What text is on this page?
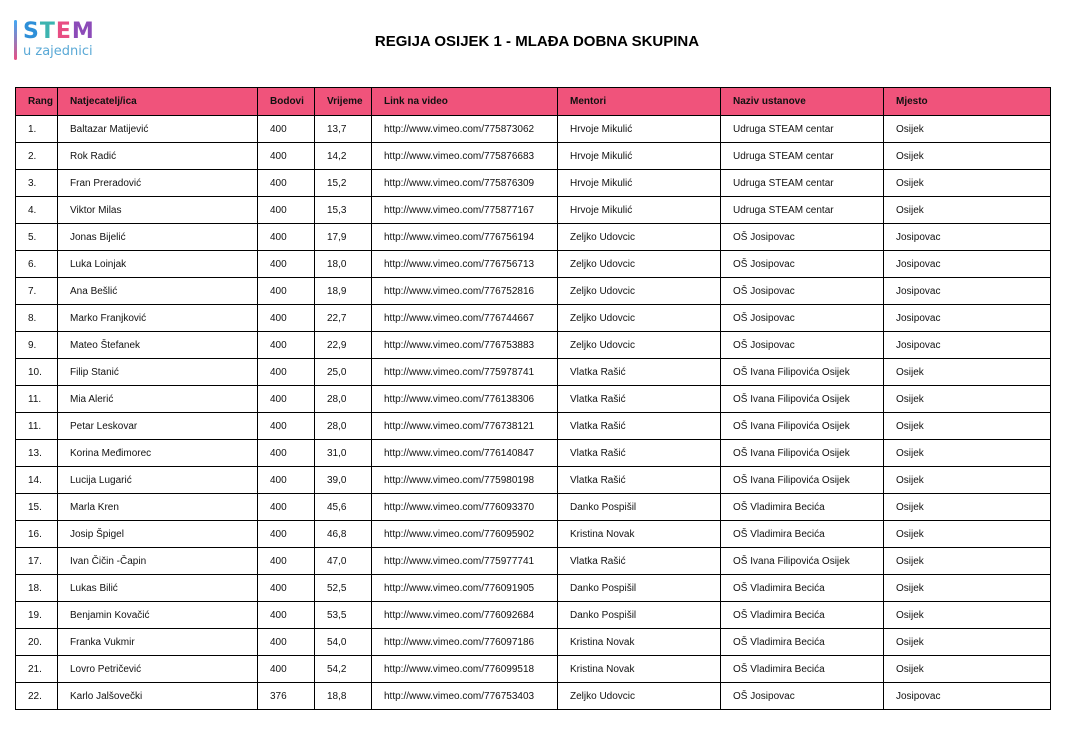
STEM
u zajednici
REGIJA OSIJEK 1 - MLAĐA DOBNA SKUPINA
Rang	Natjecatelj/ica	Bodovi	Vrijeme	Link na video	Mentori	Naziv ustanove	Mjesto
1.	Baltazar Matijević	400	13,7	http://www.vimeo.com/775873062	Hrvoje Mikulić	Udruga STEAM centar	Osijek
2.	Rok Radić	400	14,2	http://www.vimeo.com/775876683	Hrvoje Mikulić	Udruga STEAM centar	Osijek
3.	Fran Preradović	400	15,2	http://www.vimeo.com/775876309	Hrvoje Mikulić	Udruga STEAM centar	Osijek
4.	Viktor Milas	400	15,3	http://www.vimeo.com/775877167	Hrvoje Mikulić	Udruga STEAM centar	Osijek
5.	Jonas Bijelić	400	17,9	http://www.vimeo.com/776756194	Zeljko Udovcic	OŠ Josipovac	Josipovac
6.	Luka Loinjak	400	18,0	http://www.vimeo.com/776756713	Zeljko Udovcic	OŠ Josipovac	Josipovac
7.	Ana Bešlić	400	18,9	http://www.vimeo.com/776752816	Zeljko Udovcic	OŠ Josipovac	Josipovac
8.	Marko Franjković	400	22,7	http://www.vimeo.com/776744667	Zeljko Udovcic	OŠ Josipovac	Josipovac
9.	Mateo Štefanek	400	22,9	http://www.vimeo.com/776753883	Zeljko Udovcic	OŠ Josipovac	Josipovac
10.	Filip Stanić	400	25,0	http://www.vimeo.com/775978741	Vlatka Rašić	OŠ Ivana Filipovića Osijek	Osijek
11.	Mia Alerić	400	28,0	http://www.vimeo.com/776138306	Vlatka Rašić	OŠ Ivana Filipovića Osijek	Osijek
11.	Petar Leskovar	400	28,0	http://www.vimeo.com/776738121	Vlatka Rašić	OŠ Ivana Filipovića Osijek	Osijek
13.	Korina Međimorec	400	31,0	http://www.vimeo.com/776140847	Vlatka Rašić	OŠ Ivana Filipovića Osijek	Osijek
14.	Lucija Lugarić	400	39,0	http://www.vimeo.com/775980198	Vlatka Rašić	OŠ Ivana Filipovića Osijek	Osijek
15.	Marla Kren	400	45,6	http://www.vimeo.com/776093370	Danko Pospišil	OŠ Vladimira Becića	Osijek
16.	Josip Špigel	400	46,8	http://www.vimeo.com/776095902	Kristina Novak	OŠ Vladimira Becića	Osijek
17.	Ivan Čičin -Čapin	400	47,0	http://www.vimeo.com/775977741	Vlatka Rašić	OŠ Ivana Filipovića Osijek	Osijek
18.	Lukas Bilić	400	52,5	http://www.vimeo.com/776091905	Danko Pospišil	OŠ Vladimira Becića	Osijek
19.	Benjamin Kovačić	400	53,5	http://www.vimeo.com/776092684	Danko Pospišil	OŠ Vladimira Becića	Osijek
20.	Franka Vukmir	400	54,0	http://www.vimeo.com/776097186	Kristina Novak	OŠ Vladimira Becića	Osijek
21.	Lovro Petričević	400	54,2	http://www.vimeo.com/776099518	Kristina Novak	OŠ Vladimira Becića	Osijek
22.	Karlo Jalšovečki	376	18,8	http://www.vimeo.com/776753403	Zeljko Udovcic	OŠ Josipovac	Josipovac
